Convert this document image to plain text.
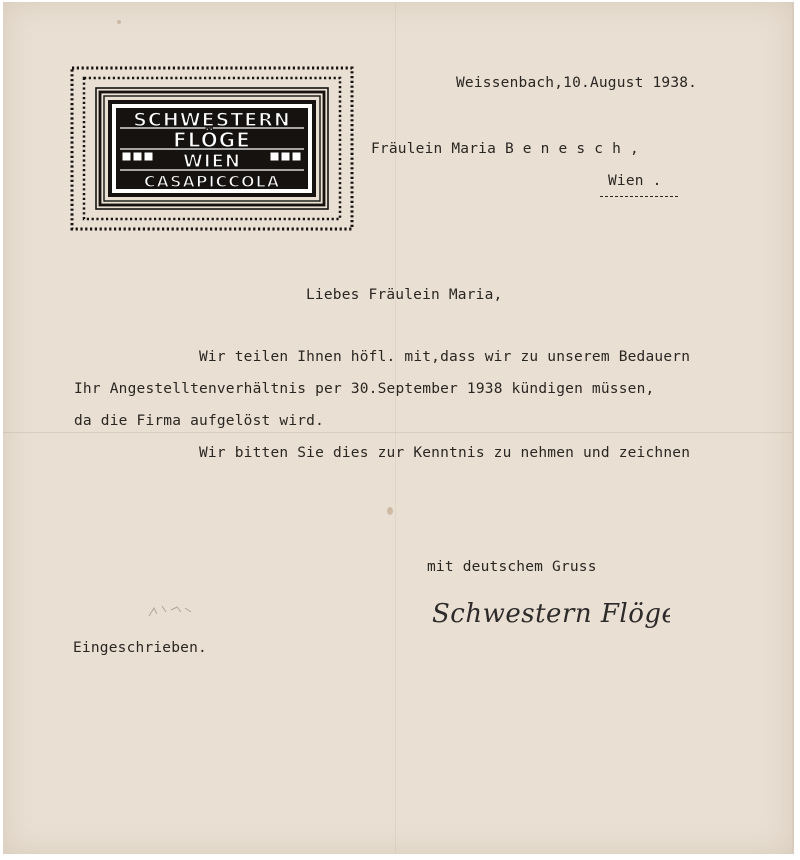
SCHWESTERN
FLÖGE
WIEN
CASAPICCOLA
Weissenbach,10.August 1938.
Fräulein Maria B e n e s c h ,
Wien .
Liebes Fräulein Maria,
Wir teilen Ihnen höfl. mit,dass wir zu unserem Bedauern
Ihr Angestelltenverhältnis per 30.September 1938 kündigen müssen,
da die Firma aufgelöst wird.
Wir bitten Sie dies zur Kenntnis zu nehmen und zeichnen
mit deutschem Gruss
Schwestern Flöge
Eingeschrieben.
